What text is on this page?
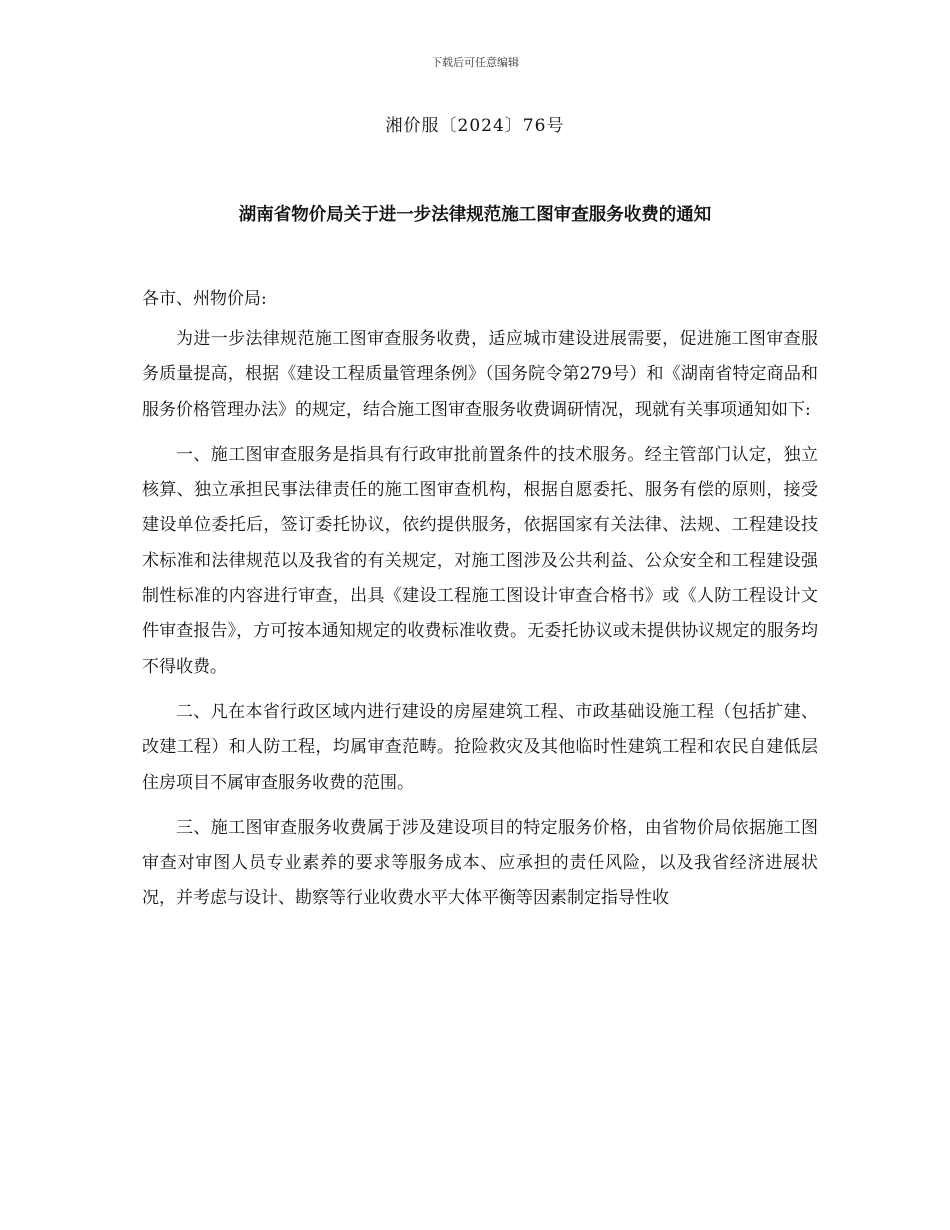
下载后可任意编辑
湘价服〔2024〕76号
湖南省物价局关于进一步法律规范施工图审查服务收费的通知
各市、州物价局:

为进一步法律规范施工图审查服务收费，适应城市建设进展需要，促进施工图审查服务质量提高，根据《建设工程质量管理条例》（国务院令第279号）和《湖南省特定商品和服务价格管理办法》的规定，结合施工图审查服务收费调研情况，现就有关事项通知如下:

一、施工图审查服务是指具有行政审批前置条件的技术服务。经主管部门认定，独立核算、独立承担民事法律责任的施工图审查机构，根据自愿委托、服务有偿的原则，接受建设单位委托后，签订委托协议，依约提供服务，依据国家有关法律、法规、工程建设技术标准和法律规范以及我省的有关规定，对施工图涉及公共利益、公众安全和工程建设强制性标准的内容进行审查，出具《建设工程施工图设计审查合格书》或《人防工程设计文件审查报告》，方可按本通知规定的收费标准收费。无委托协议或未提供协议规定的服务均不得收费。

二、凡在本省行政区域内进行建设的房屋建筑工程、市政基础设施工程（包括扩建、改建工程）和人防工程，均属审查范畴。抢险救灾及其他临时性建筑工程和农民自建低层住房项目不属审查服务收费的范围。

三、施工图审查服务收费属于涉及建设项目的特定服务价格，由省物价局依据施工图审查对审图人员专业素养的要求等服务成本、应承担的责任风险，以及我省经济进展状况，并考虑与设计、勘察等行业收费水平大体平衡等因素制定指导性收
